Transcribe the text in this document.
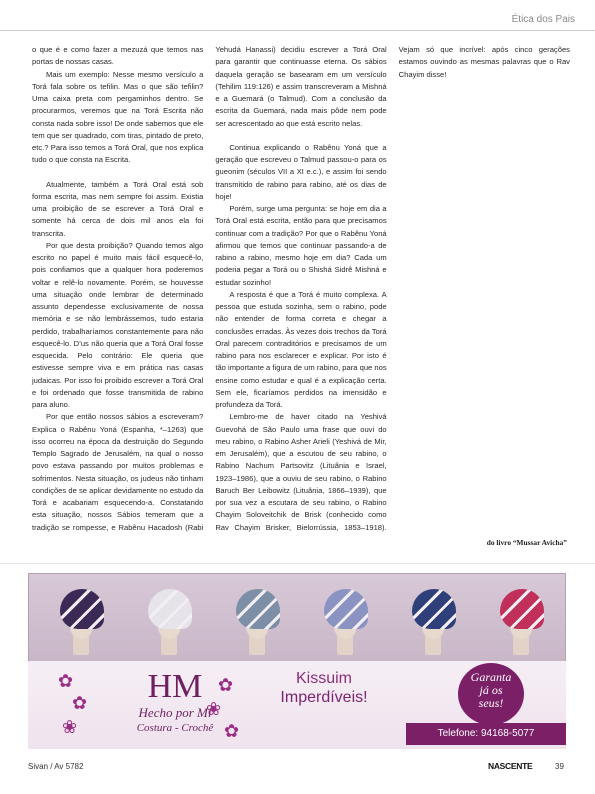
Ética dos Pais

o que é e como fazer a mezuzá que temos nas portas de nossas casas.

Mais um exemplo: Nesse mesmo versículo a Torá fala sobre os tefilin. Mas o que são tefilin? Uma caixa preta com pergaminhos dentro. Se procurarmos, veremos que na Torá Escrita não consta nada sobre isso! De onde sabemos que ele tem que ser quadrado, com tiras, pintado de preto, etc.? Para isso temos a Torá Oral, que nos explica tudo o que consta na Escrita.

Atualmente, também a Torá Oral está sob forma escrita, mas nem sempre foi assim. Existia uma proibição de se escrever a Torá Oral e somente há cerca de dois mil anos ela foi transcrita.

Por que desta proibição? Quando temos algo escrito no papel é muito mais fácil esquecê-lo, pois confiamos que a qualquer hora poderemos voltar e relê-lo novamente. Porém, se houvesse uma situação onde lembrar de determinado assunto dependesse exclusivamente de nossa memória e se não lembrássemos, tudo estaria perdido, trabalharíamos constantemente para não esquecê-lo. D’us não queria que a Torá Oral fosse esquecida. Pelo contrário: Ele queria que estivesse sempre viva e em prática nas casas judaicas. Por isso foi proibido escrever a Torá Oral e foi ordenado que fosse transmitida de rabino para aluno.

Por que então nossos sábios a escreveram? Explica o Rabênu Yoná (Espanha, *–1263) que isso ocorreu na época da destruição do Segundo Templo Sagrado de Jerusalém, na qual o nosso povo estava passando por muitos problemas e sofrimentos. Nesta situação, os judeus não tinham condições de se aplicar devidamente no estudo da Torá e acabariam esquecendo-a. Constatando esta situação, nossos Sábios temeram que a tradição se rompesse, e Rabênu Hacadosh (Rabi Yehudá Hanassi) decidiu escrever a Torá Oral para garantir que continuasse eterna. Os sábios daquela geração se basearam em um versículo (Tehilim 119:126) e assim transcreveram a Mishná e a Guemará (o Talmud). Com a conclusão da escrita da Guemará, nada mais pôde nem pode ser acrescentado ao que está escrito nelas.

Continua explicando o Rabênu Yoná que a geração que escreveu o Talmud passou-o para os gueonim (séculos VII a XI e.c.), e assim foi sendo transmitido de rabino para rabino, até os dias de hoje!

Porém, surge uma pergunta: se hoje em dia a Torá Oral está escrita, então para que precisamos continuar com a tradição? Por que o Rabênu Yoná afirmou que temos que continuar passando-a de rabino a rabino, mesmo hoje em dia? Cada um poderia pegar a Torá ou o Shishá Sidrê Mishná e estudar sozinho!

A resposta é que a Torá é muito complexa. A pessoa que estuda sozinha, sem o rabino, pode não entender de forma correta e chegar a conclusões erradas. Às vezes dois trechos da Torá Oral parecem contraditórios e precisamos de um rabino para nos esclarecer e explicar. Por isto é tão importante a figura de um rabino, para que nos ensine como estudar e qual é a explicação certa. Sem ele, ficaríamos perdidos na imensidão e profundeza da Torá.

Lembro-me de haver citado na Yeshivá Guevohá de São Paulo uma frase que ouvi do meu rabino, o Rabino Asher Arieli (Yeshivá de Mir, em Jerusalém), que a escutou de seu rabino, o Rabino Nachum Partsovitz (Lituânia e Israel, 1923–1986), que a ouviu de seu rabino, o Rabino Baruch Ber Leibowitz (Lituânia, 1866–1939), que por sua vez a escutara de seu rabino, o Rabino Chayim Soloveitchik de Brisk (conhecido como Rav Chayim Brisker, Bielorrússia, 1853–1918). Vejam só que incrível: após cinco gerações estamos ouvindo as mesmas palavras que o Rav Chayim disse!

do livro “Mussar Avicha”
✿
✿
❀
✿
❀
✿
HM
Hecho por Mi
Costura - Crochê
Kissuim
Imperdíveis!
Garanta
já os
seus!
Telefone: 94168-5077
Sivan / Av 5782	NASCENTE	39
